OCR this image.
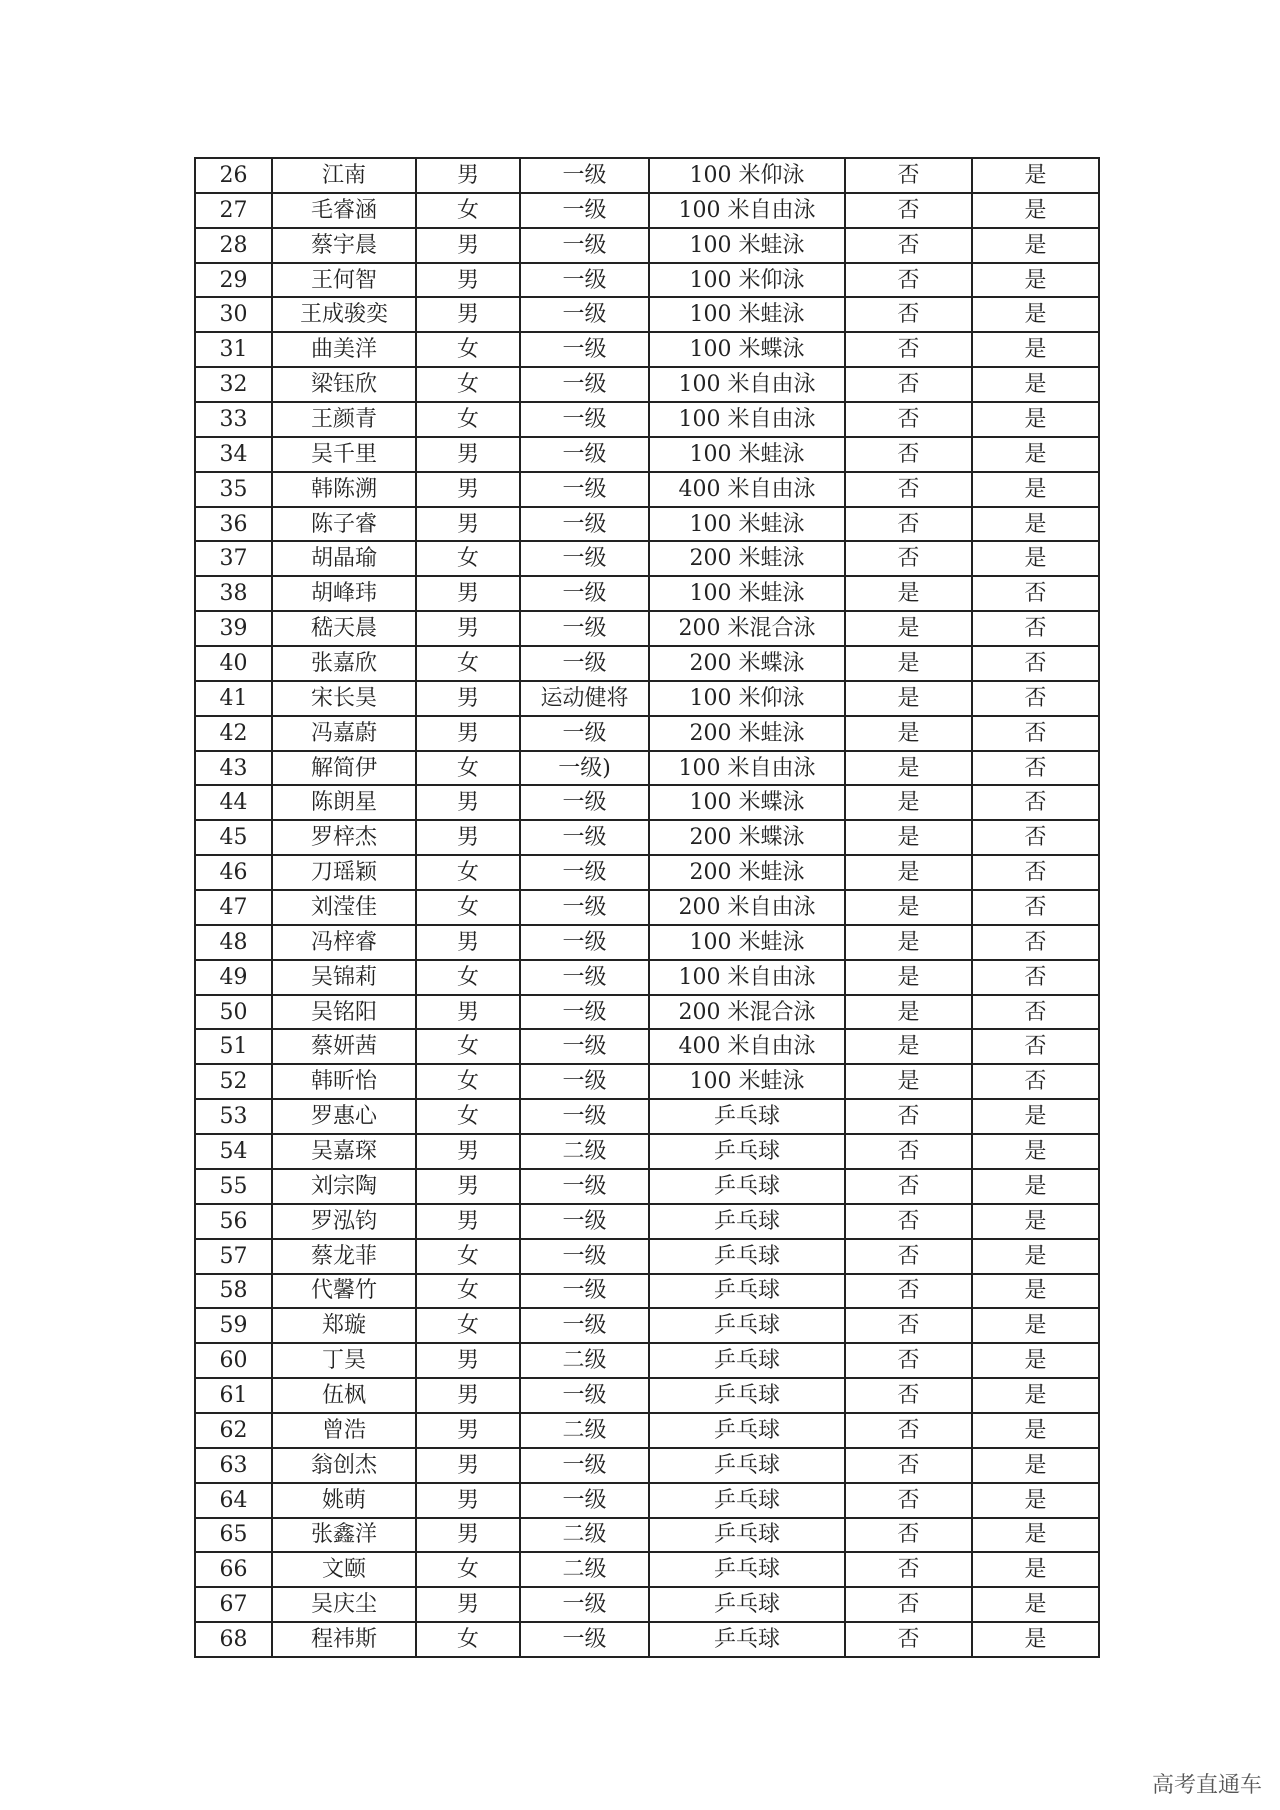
26	江南	男	一级	100 米仰泳	否	是
27	毛睿涵	女	一级	100 米自由泳	否	是
28	蔡宇晨	男	一级	100 米蛙泳	否	是
29	王何智	男	一级	100 米仰泳	否	是
30	王成骏奕	男	一级	100 米蛙泳	否	是
31	曲美洋	女	一级	100 米蝶泳	否	是
32	梁钰欣	女	一级	100 米自由泳	否	是
33	王颜青	女	一级	100 米自由泳	否	是
34	吴千里	男	一级	100 米蛙泳	否	是
35	韩陈溯	男	一级	400 米自由泳	否	是
36	陈子睿	男	一级	100 米蛙泳	否	是
37	胡晶瑜	女	一级	200 米蛙泳	否	是
38	胡峰玮	男	一级	100 米蛙泳	是	否
39	嵇天晨	男	一级	200 米混合泳	是	否
40	张嘉欣	女	一级	200 米蝶泳	是	否
41	宋长昊	男	运动健将	100 米仰泳	是	否
42	冯嘉蔚	男	一级	200 米蛙泳	是	否
43	解简伊	女	一级)	100 米自由泳	是	否
44	陈朗星	男	一级	100 米蝶泳	是	否
45	罗梓杰	男	一级	200 米蝶泳	是	否
46	刀瑶颖	女	一级	200 米蛙泳	是	否
47	刘滢佳	女	一级	200 米自由泳	是	否
48	冯梓睿	男	一级	100 米蛙泳	是	否
49	吴锦莉	女	一级	100 米自由泳	是	否
50	吴铭阳	男	一级	200 米混合泳	是	否
51	蔡妍茜	女	一级	400 米自由泳	是	否
52	韩昕怡	女	一级	100 米蛙泳	是	否
53	罗惠心	女	一级	乒乓球	否	是
54	吴嘉琛	男	二级	乒乓球	否	是
55	刘宗陶	男	一级	乒乓球	否	是
56	罗泓钧	男	一级	乒乓球	否	是
57	蔡龙菲	女	一级	乒乓球	否	是
58	代馨竹	女	一级	乒乓球	否	是
59	郑璇	女	一级	乒乓球	否	是
60	丁昊	男	二级	乒乓球	否	是
61	伍枫	男	一级	乒乓球	否	是
62	曾浩	男	二级	乒乓球	否	是
63	翁创杰	男	一级	乒乓球	否	是
64	姚萌	男	一级	乒乓球	否	是
65	张鑫洋	男	二级	乒乓球	否	是
66	文颐	女	二级	乒乓球	否	是
67	吴庆尘	男	一级	乒乓球	否	是
68	程祎斯	女	一级	乒乓球	否	是
高考直通车
